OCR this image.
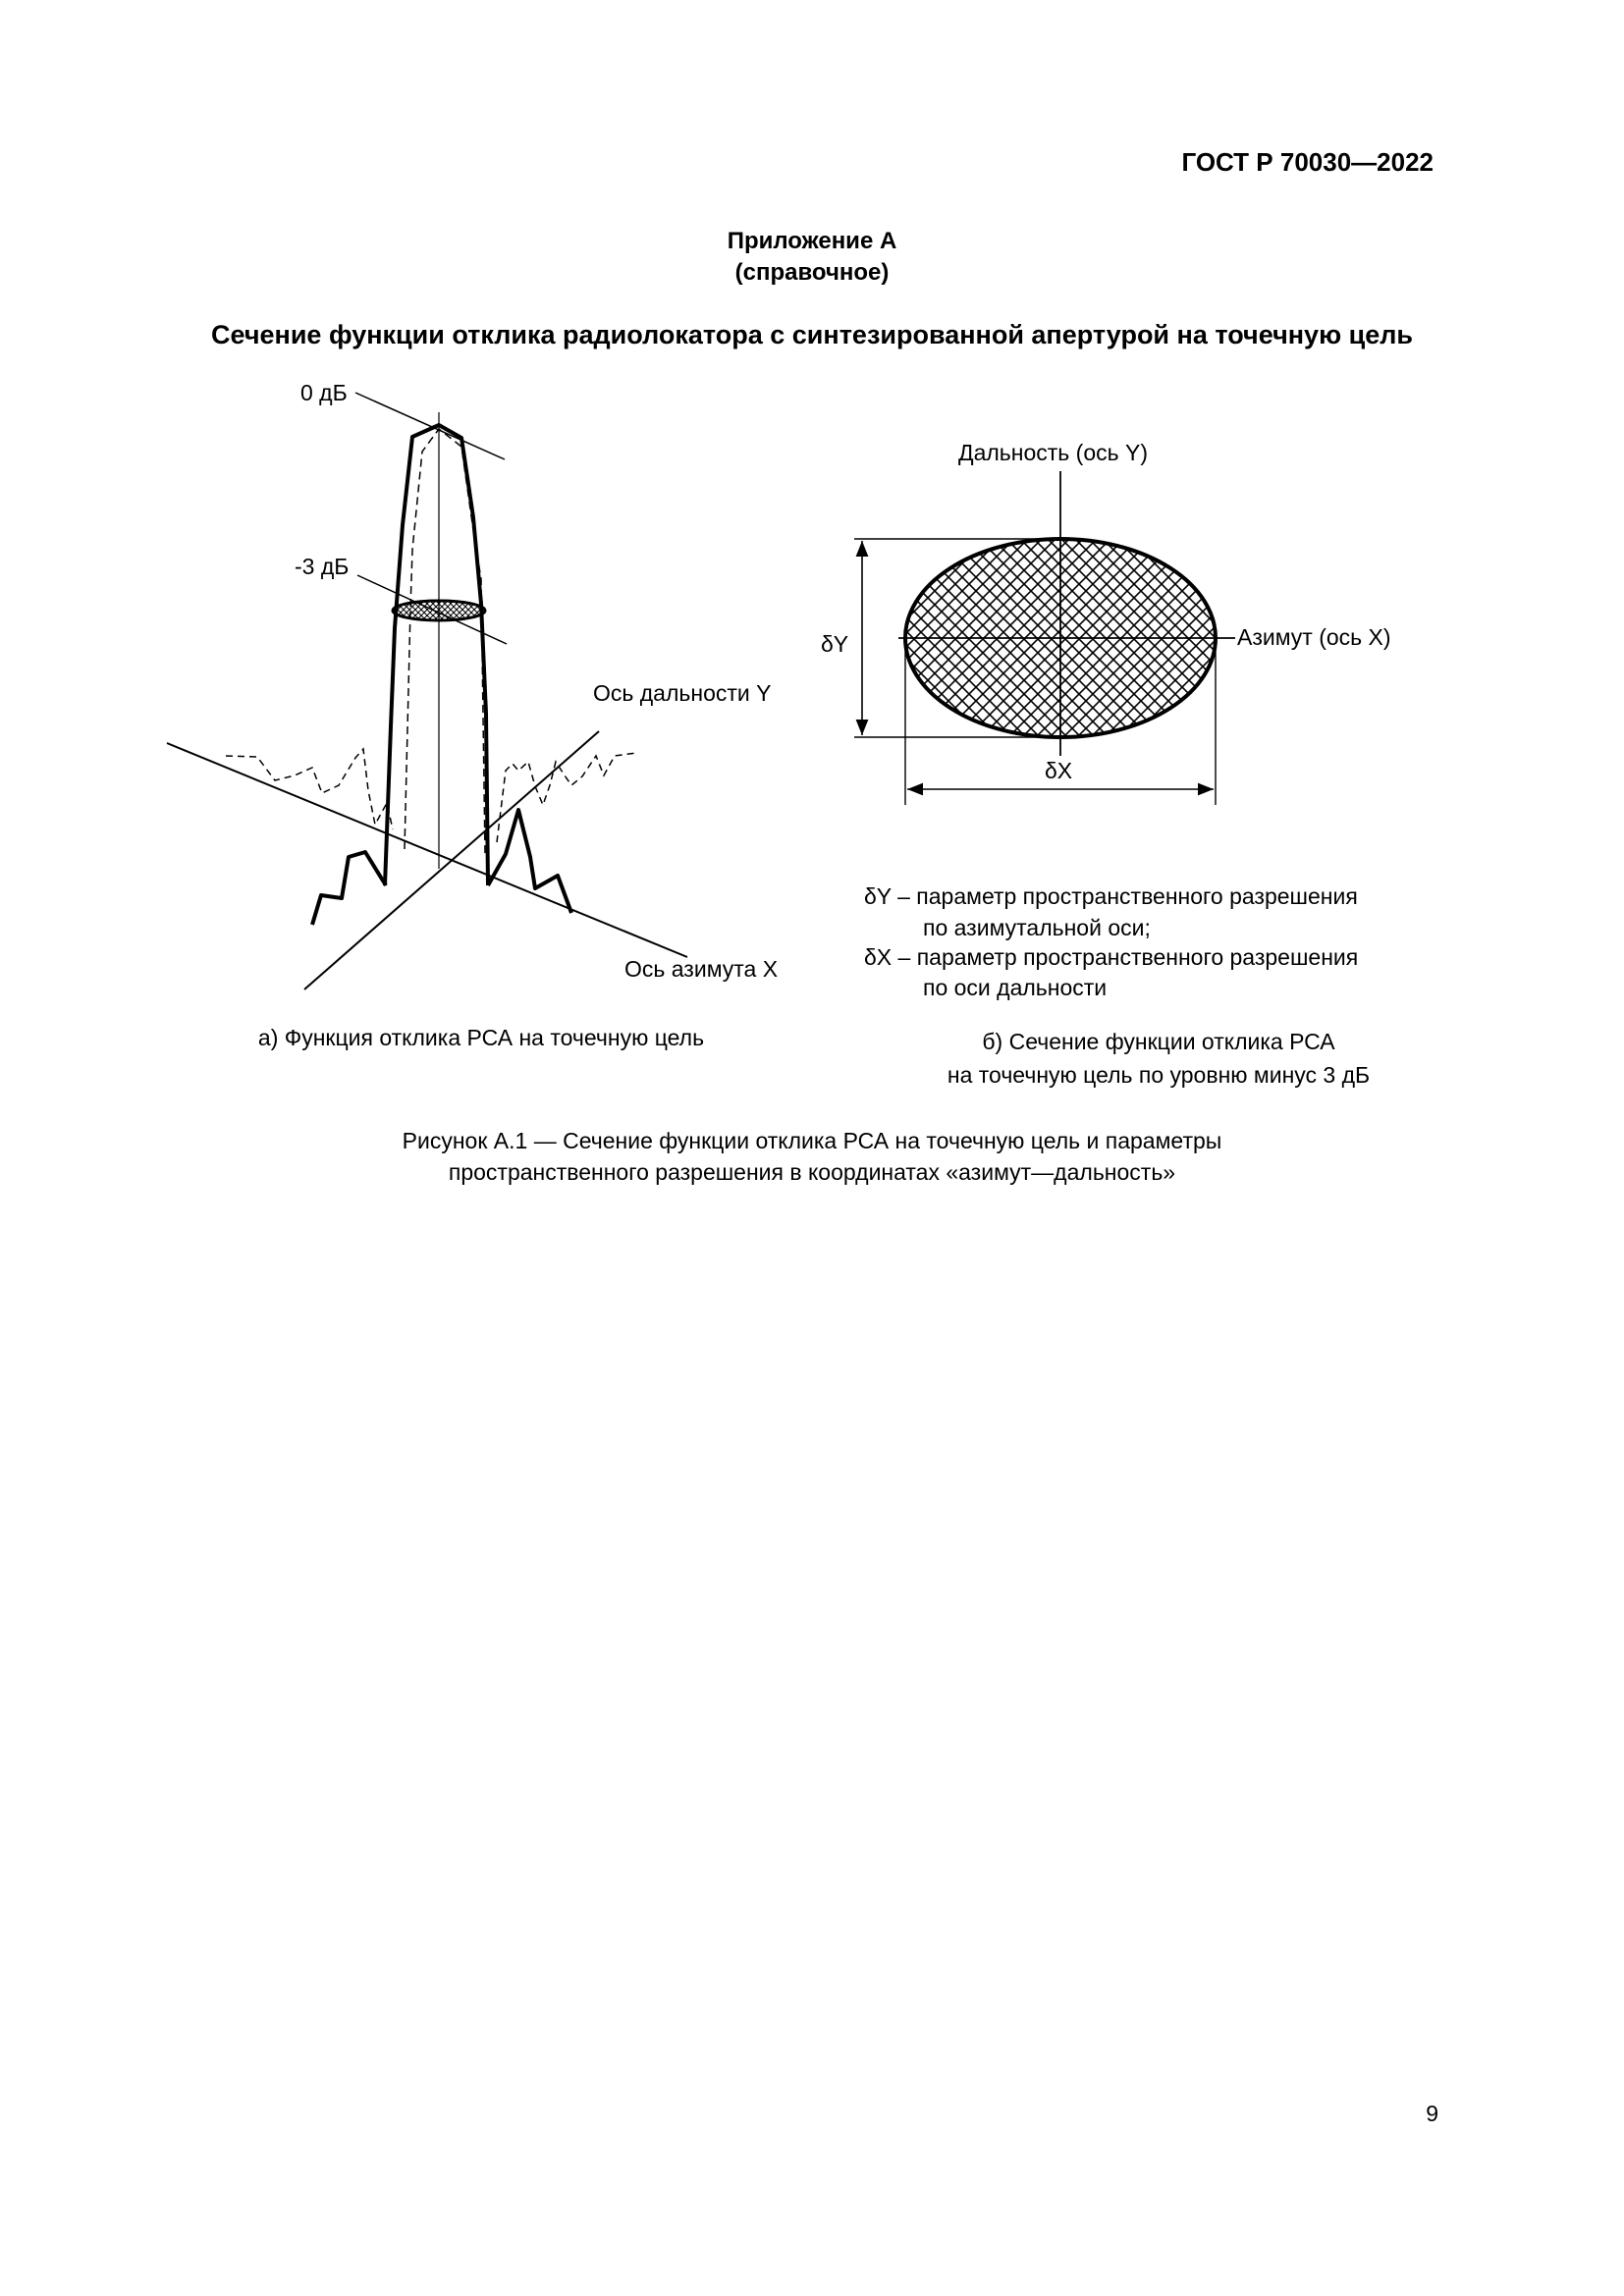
ГОСТ Р 70030—2022
Приложение А
(справочное)
Сечение функции отклика радиолокатора с синтезированной апертурой на точечную цель
0 дБ
-3 дБ
Ось дальности Y
Ось азимута X
Дальность (ось Y)
Азимут (ось X)
δY
δX
δY – параметр пространственного разрешения
по азимутальной оси;
δX – параметр пространственного разрешения
по оси дальности
а) Функция отклика РСА на точечную цель	б) Сечение функции отклика РСА
на точечную цель по уровню минус 3 дБ
Рисунок А.1 — Сечение функции отклика РСА на точечную цель и параметры
пространственного разрешения в координатах «азимут—дальность»
9
